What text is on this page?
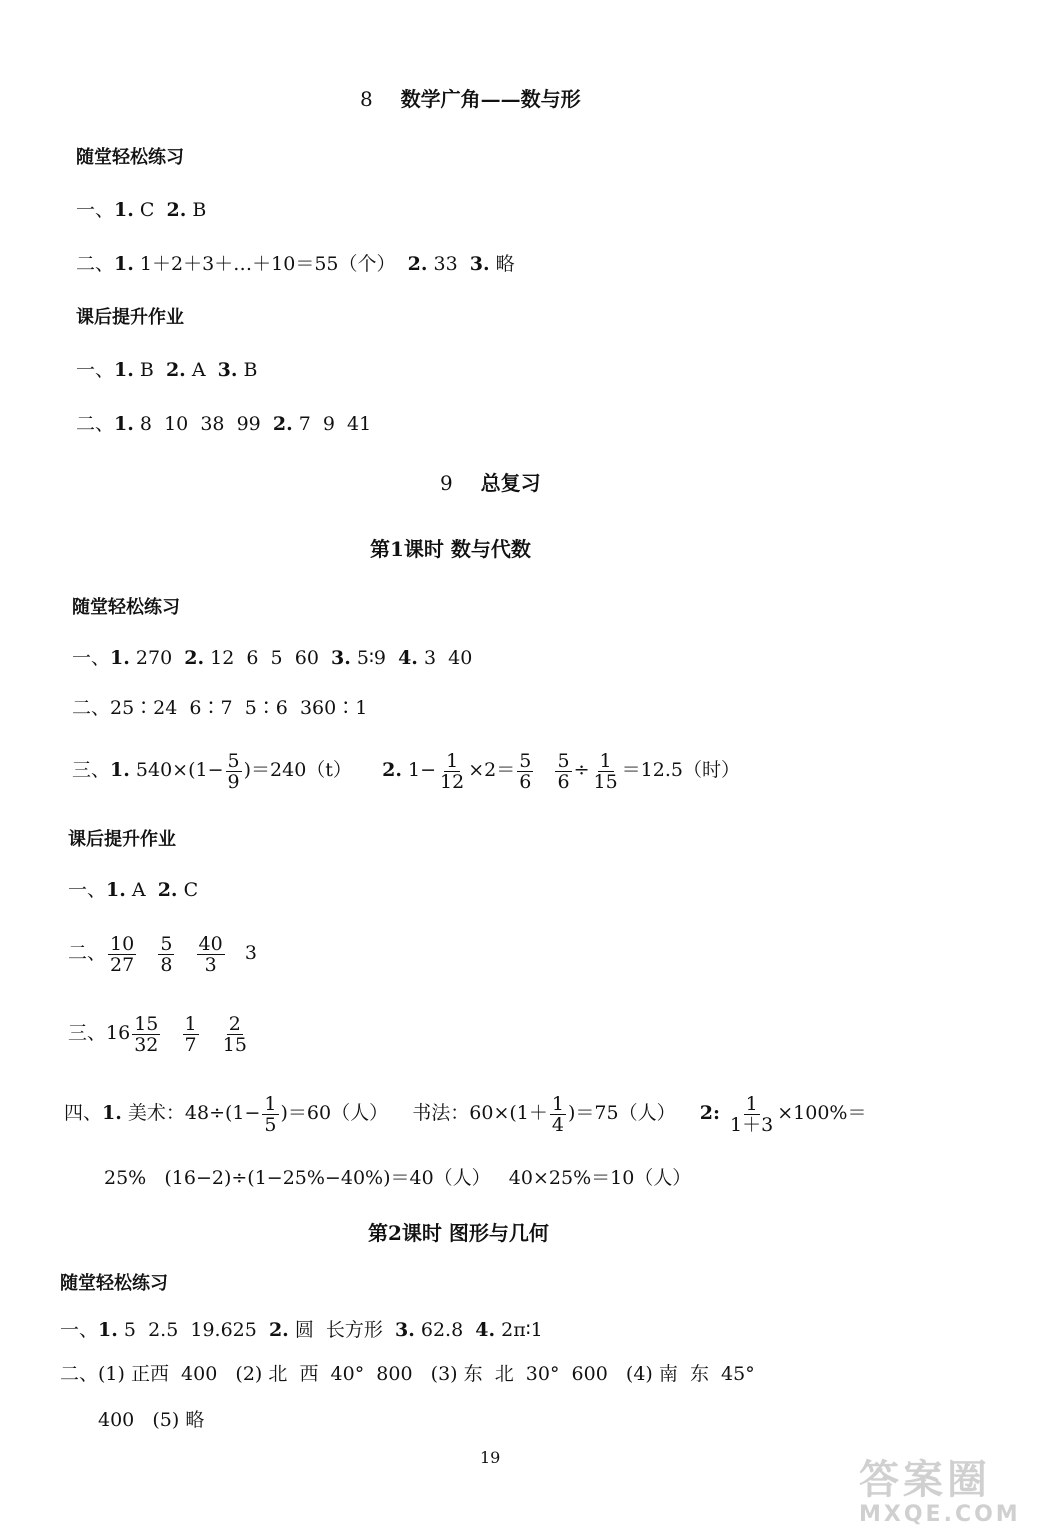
8 数学广角——数与形
随堂轻松练习
一、1. C  2. B
二、1. 1＋2＋3＋…＋10＝55（个）  2. 33  3. 略
课后提升作业
一、1. B  2. A  3. B
二、1. 8  10  38  99  2. 7  9  41
9 总复习
第1课时 数与代数
随堂轻松练习
一、1. 270  2. 12  6  5  60  3. 5∶9  4. 3  40
二、25∶24  6∶7  5∶6  360∶1
三、1. $540\times(1- \frac{5}{9} )=240(t)$ 2. $1- \frac{1}{12} \times 2= \frac{5}{6}$
$\frac{5}{6} \div \frac{1}{15} =12.5$（时）
课后提升作业
一、1. A  2. C
二、 $\frac{10}{27}$
$\frac{5}{8}$
$\frac{40}{3} 3$
三、$16 \frac{15}{32}$
$\frac{1}{7}$
$\frac{2}{15}$
四、1. 美术：$48\div(1- \frac{1}{5} )=60$（人） 书法：$60\times(1+ \frac{1}{4} )=75$（人） 2: $\frac{1}{1+3} \times 100\%=$
25%   (16−2)÷(1−25%−40%)＝40（人）   40×25%＝10（人）
第2课时 图形与几何
随堂轻松练习
一、1. 5  2.5  19.625  2. 圆  长方形  3. 62.8  4. 2π∶1
二、(1) 正西  400   (2) 北  西  40°  800   (3) 东  北  30°  600   (4) 南  东  45°
400   (5) 略
19	答案圈
MXQE.COM
